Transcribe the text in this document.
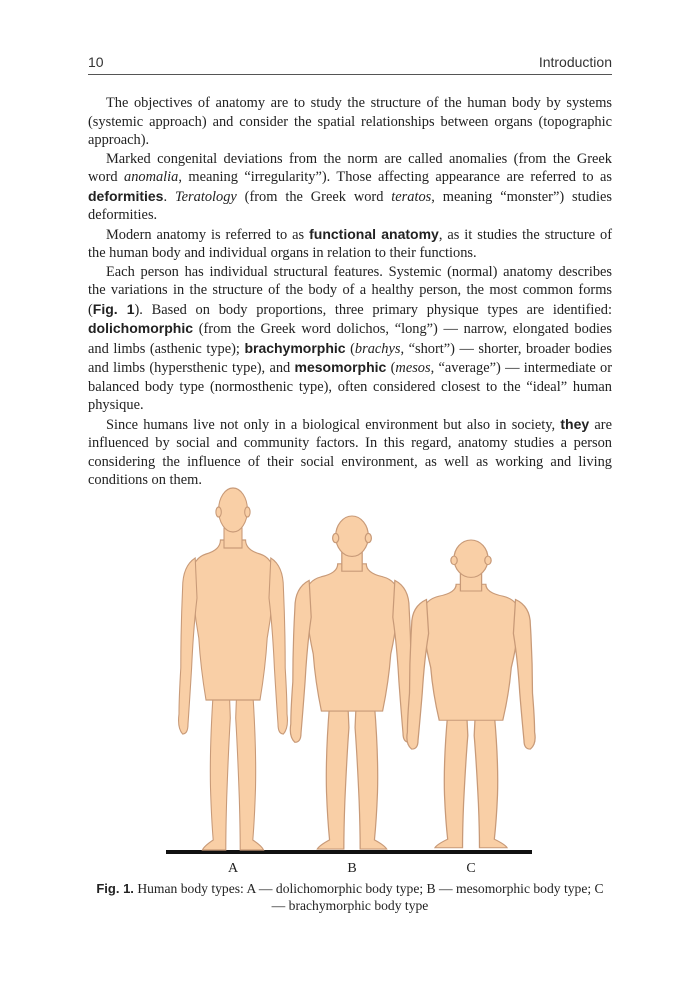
10	Introduction

The objectives of anatomy are to study the structure of the human body by systems (systemic approach) and consider the spatial relationships between organs (topographic approach).

Marked congenital deviations from the norm are called anomalies (from the Greek word anomalia, meaning “irregularity”). Those affecting appearance are referred to as deformities. Teratology (from the Greek word teratos, meaning “monster”) studies deformities.

Modern anatomy is referred to as functional anatomy, as it studies the structure of the human body and individual organs in relation to their functions.

Each person has individual structural features. Systemic (normal) anatomy describes the variations in the structure of the body of a healthy person, the most common forms (Fig. 1). Based on body proportions, three primary physique types are identified: dolichomorphic (from the Greek word dolichos, “long”) — narrow, elongated bodies and limbs (asthenic type); brachymorphic (brachys, “short”) — shorter, broader bodies and limbs (hypersthenic type), and mesomorphic (mesos, “average”) — intermediate or balanced body type (normosthenic type), often considered closest to the “ideal” human physique.

Since humans live not only in a biological environment but also in society, they are influenced by social and community factors. In this regard, anatomy studies a person considering the influence of their social environment, as well as working and living conditions on them.

A	B	C
Fig. 1. Human body types: A — dolichomorphic body type; B — mesomorphic body type; C — brachymorphic body type
